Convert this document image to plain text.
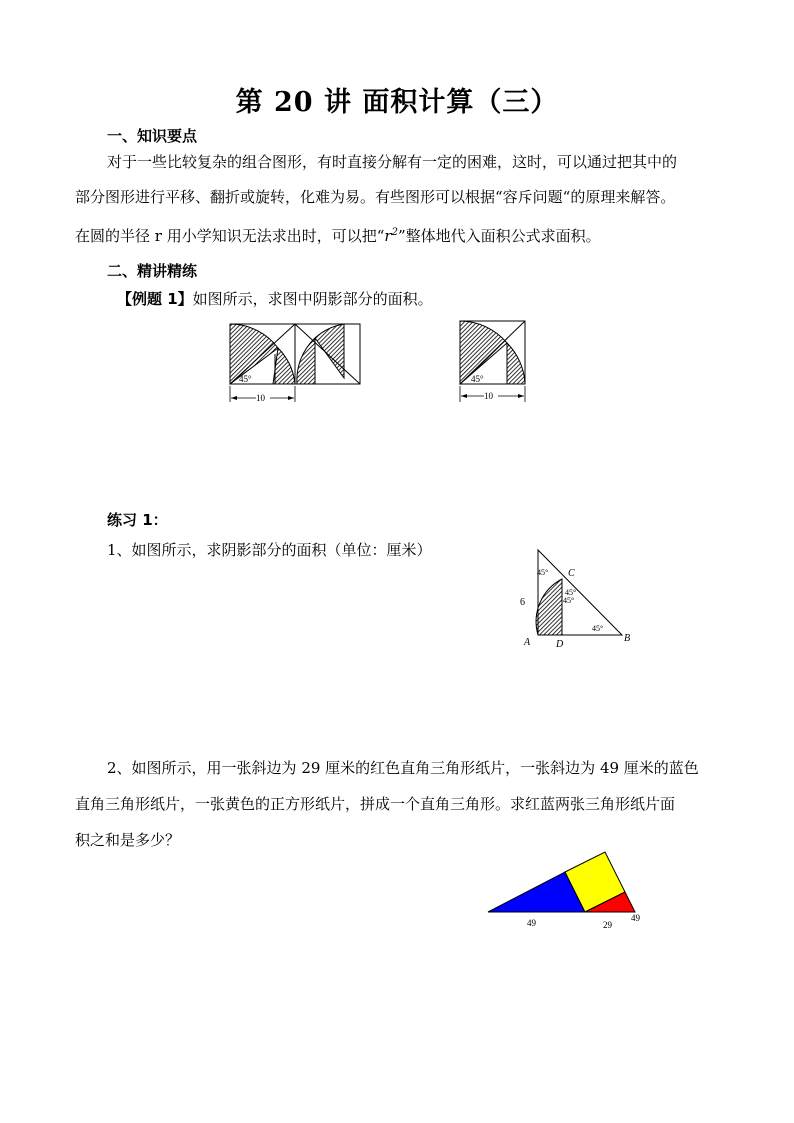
第 20 讲 面积计算（三）
一、知识要点
对于一些比较复杂的组合图形，有时直接分解有一定的困难，这时，可以通过把其中的
部分图形进行平移、翻折或旋转，化难为易。有些图形可以根据“容斥问题“的原理来解答。
在圆的半径 r 用小学知识无法求出时，可以把“$r^2$”整体地代入面积公式求面积。
二、精讲精练
【例题 1】如图所示，求图中阴影部分的面积。
45°
10
45°
10
练习 1：
1、如图所示，求阴影部分的面积（单位：厘米）
45°
45°
45°
45°
6
A	D
B
C
2、如图所示，用一张斜边为 29 厘米的红色直角三角形纸片，一张斜边为 49 厘米的蓝色
直角三角形纸片，一张黄色的正方形纸片，拼成一个直角三角形。求红蓝两张三角形纸片面
积之和是多少？
49	29
49
